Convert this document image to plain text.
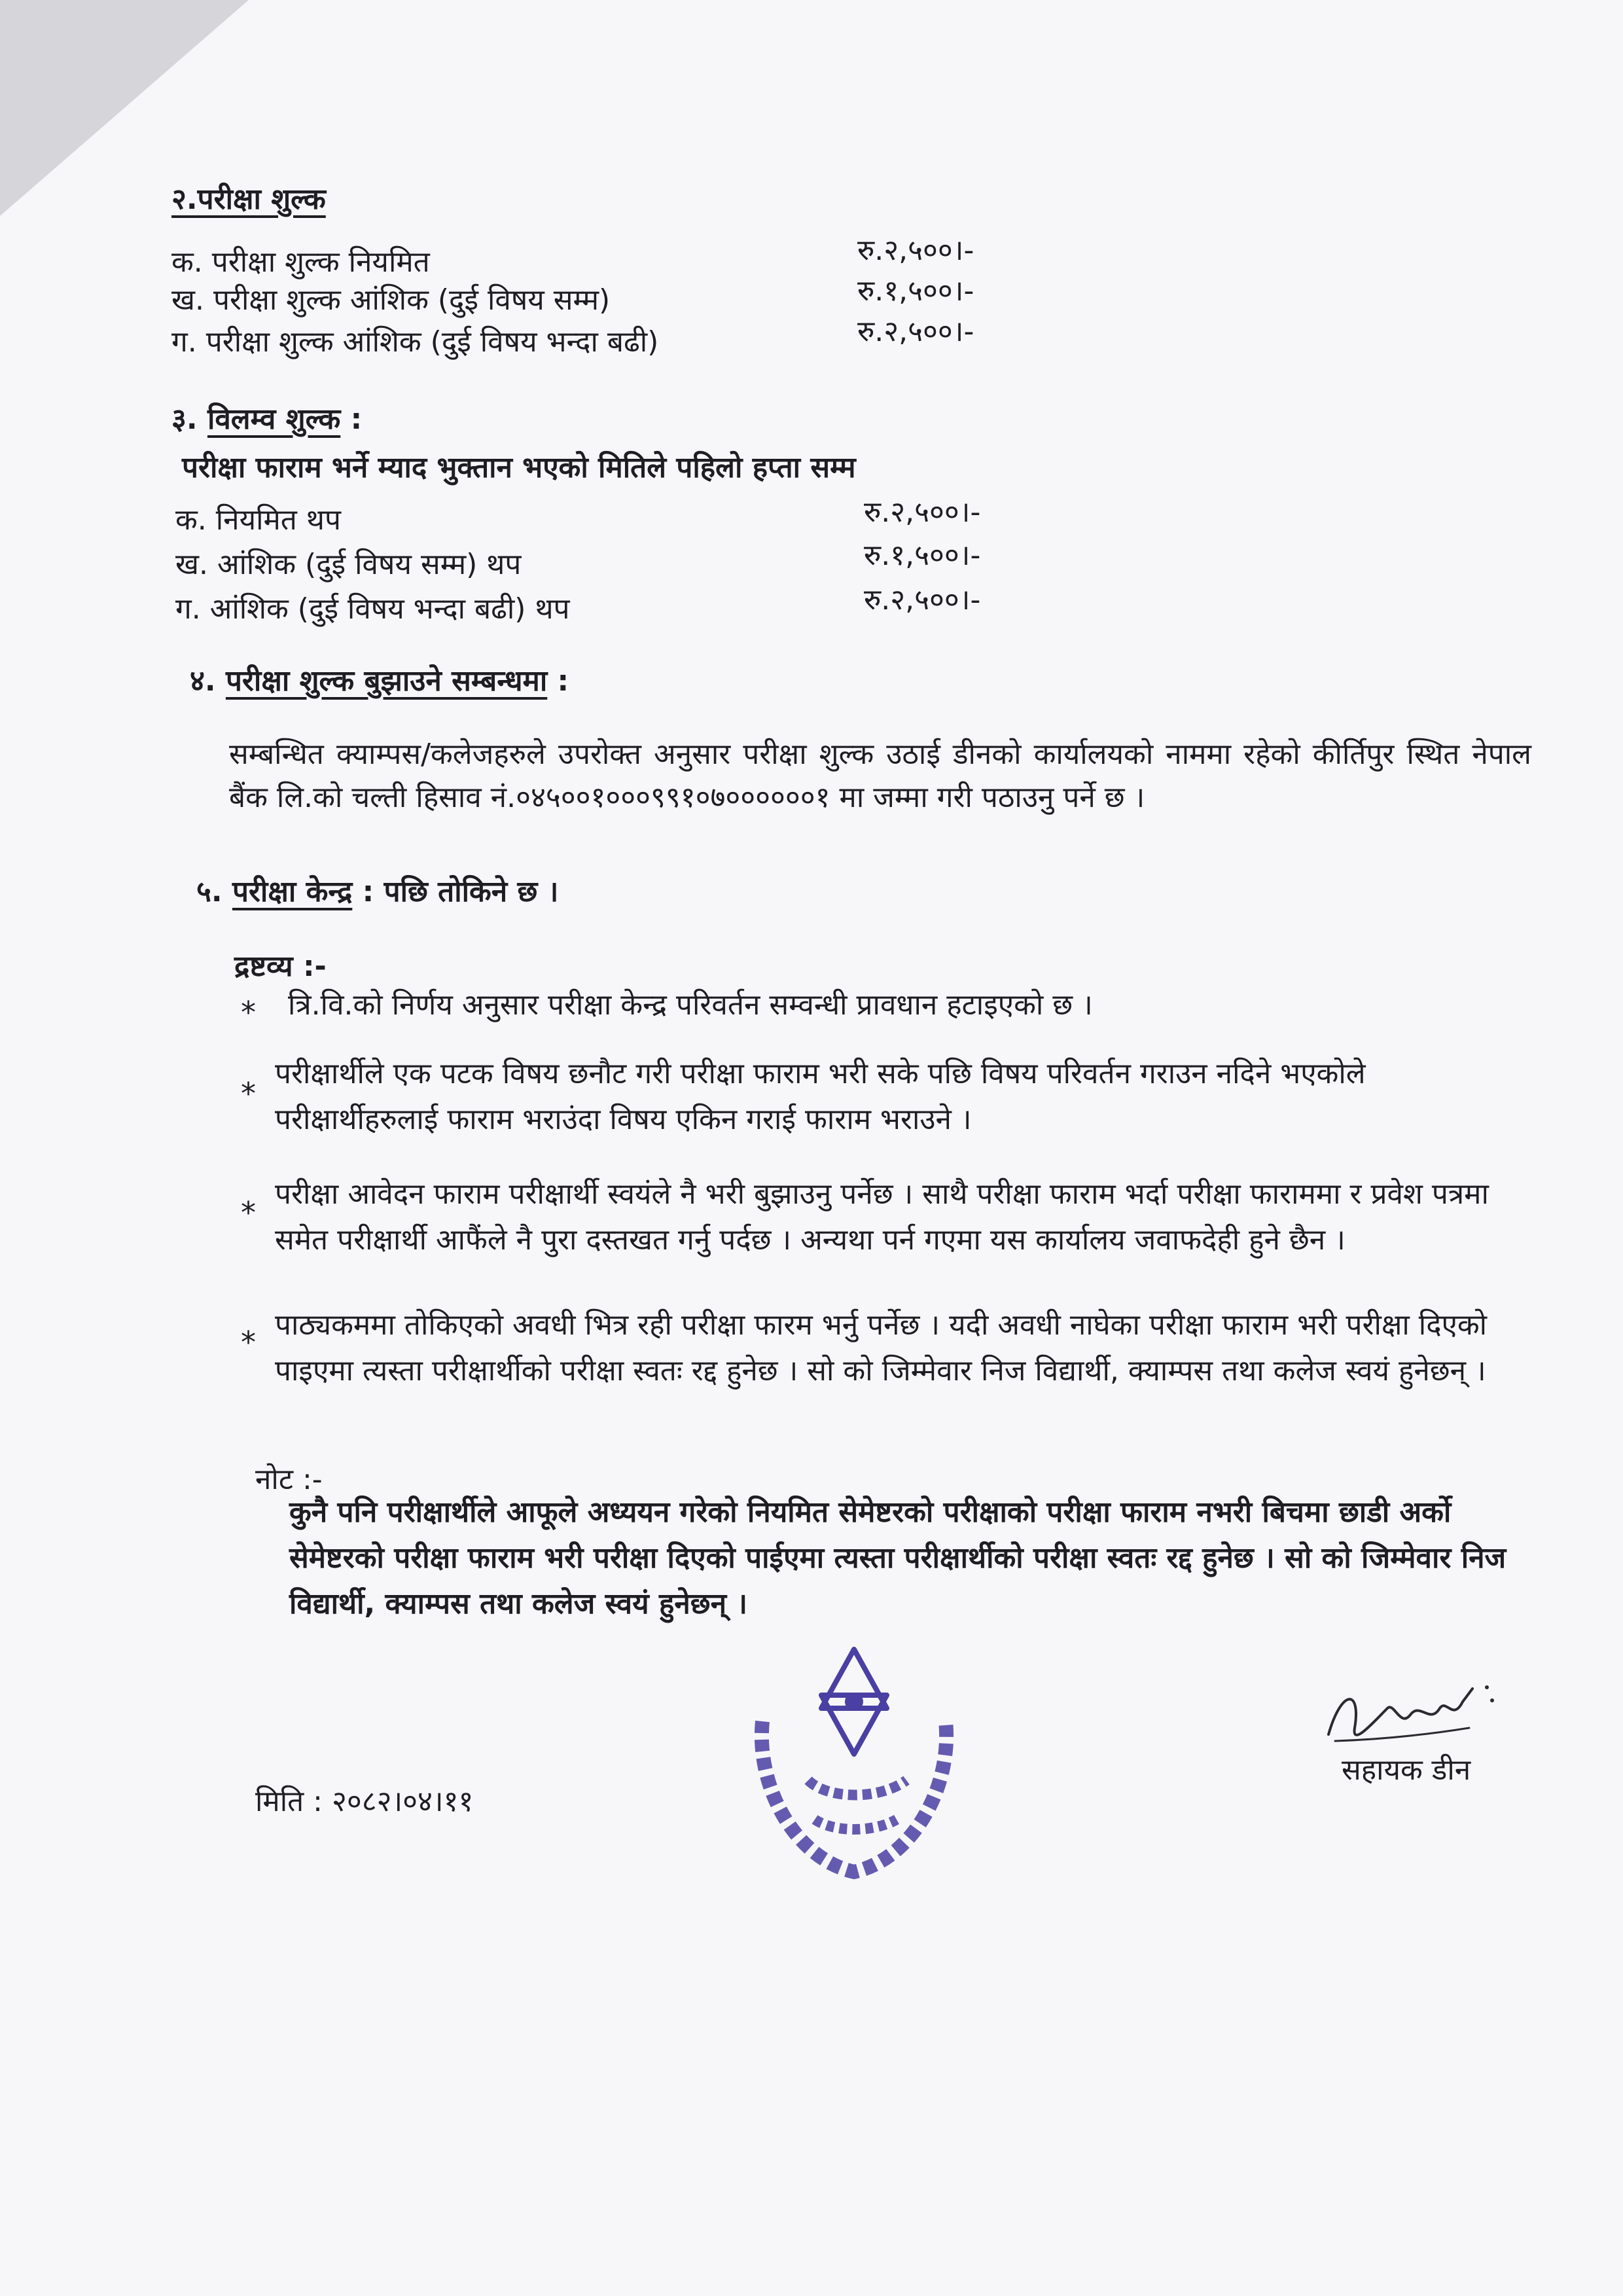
२.परीक्षा शुल्क
क. परीक्षा शुल्क नियमित	रु.२,५००।-
ख. परीक्षा शुल्क आंशिक (दुई विषय सम्म)	रु.१,५००।-
ग. परीक्षा शुल्क आंशिक (दुई विषय भन्दा बढी)	रु.२,५००।-
३. विलम्व शुल्क :
परीक्षा फाराम भर्ने म्याद भुक्तान भएको मितिले पहिलो हप्ता सम्म
क. नियमित थप	रु.२,५००।-
ख. आंशिक (दुई विषय सम्म) थप	रु.१,५००।-
ग. आंशिक (दुई विषय भन्दा बढी) थप	रु.२,५००।-
४. परीक्षा शुल्क बुझाउने सम्बन्धमा :
सम्बन्धित क्याम्पस/कलेजहरुले उपरोक्त अनुसार परीक्षा शुल्क उठाई डीनको कार्यालयको नाममा रहेको कीर्तिपुर स्थित नेपाल बैंक लि.को चल्ती हिसाव नं.०४५००१०००९९१०७००००००१ मा जम्मा गरी पठाउनु पर्ने छ ।
५. परीक्षा केन्द्र : पछि तोकिने छ ।
द्रष्टव्य :-
* त्रि.वि.को निर्णय अनुसार परीक्षा केन्द्र परिवर्तन सम्वन्धी प्रावधान हटाइएको छ ।
*
परीक्षार्थीले एक पटक विषय छनौट गरी परीक्षा फाराम भरी सके पछि विषय परिवर्तन गराउन नदिने भएकोले परीक्षार्थीहरुलाई फाराम भराउंदा विषय एकिन गराई फाराम भराउने ।
*
परीक्षा आवेदन फाराम परीक्षार्थी स्वयंले नै भरी बुझाउनु पर्नेछ । साथै परीक्षा फाराम भर्दा परीक्षा फाराममा र प्रवेश पत्रमा समेत परीक्षार्थी आफैंले नै पुरा दस्तखत गर्नु पर्दछ । अन्यथा पर्न गएमा यस कार्यालय जवाफदेही हुने छैन ।
* पाठ्यकममा तोकिएको अवधी भित्र रही परीक्षा फारम भर्नु पर्नेछ । यदी अवधी नाघेका परीक्षा फाराम भरी परीक्षा दिएको पाइएमा त्यस्ता परीक्षार्थीको परीक्षा स्वतः रद्द हुनेछ । सो को जिम्मेवार निज विद्यार्थी, क्याम्पस तथा कलेज स्वयं हुनेछन् ।
नोट :-
कुनै पनि परीक्षार्थीले आफूले अध्ययन गरेको नियमित सेमेष्टरको परीक्षाको परीक्षा फाराम नभरी बिचमा छाडी अर्को सेमेष्टरको परीक्षा फाराम भरी परीक्षा दिएको पाईएमा त्यस्ता परीक्षार्थीको परीक्षा स्वतः रद्द हुनेछ । सो को जिम्मेवार निज विद्यार्थी, क्याम्पस तथा कलेज स्वयं हुनेछन् ।
मिति : २०८२।०४।११
सहायक डीन
